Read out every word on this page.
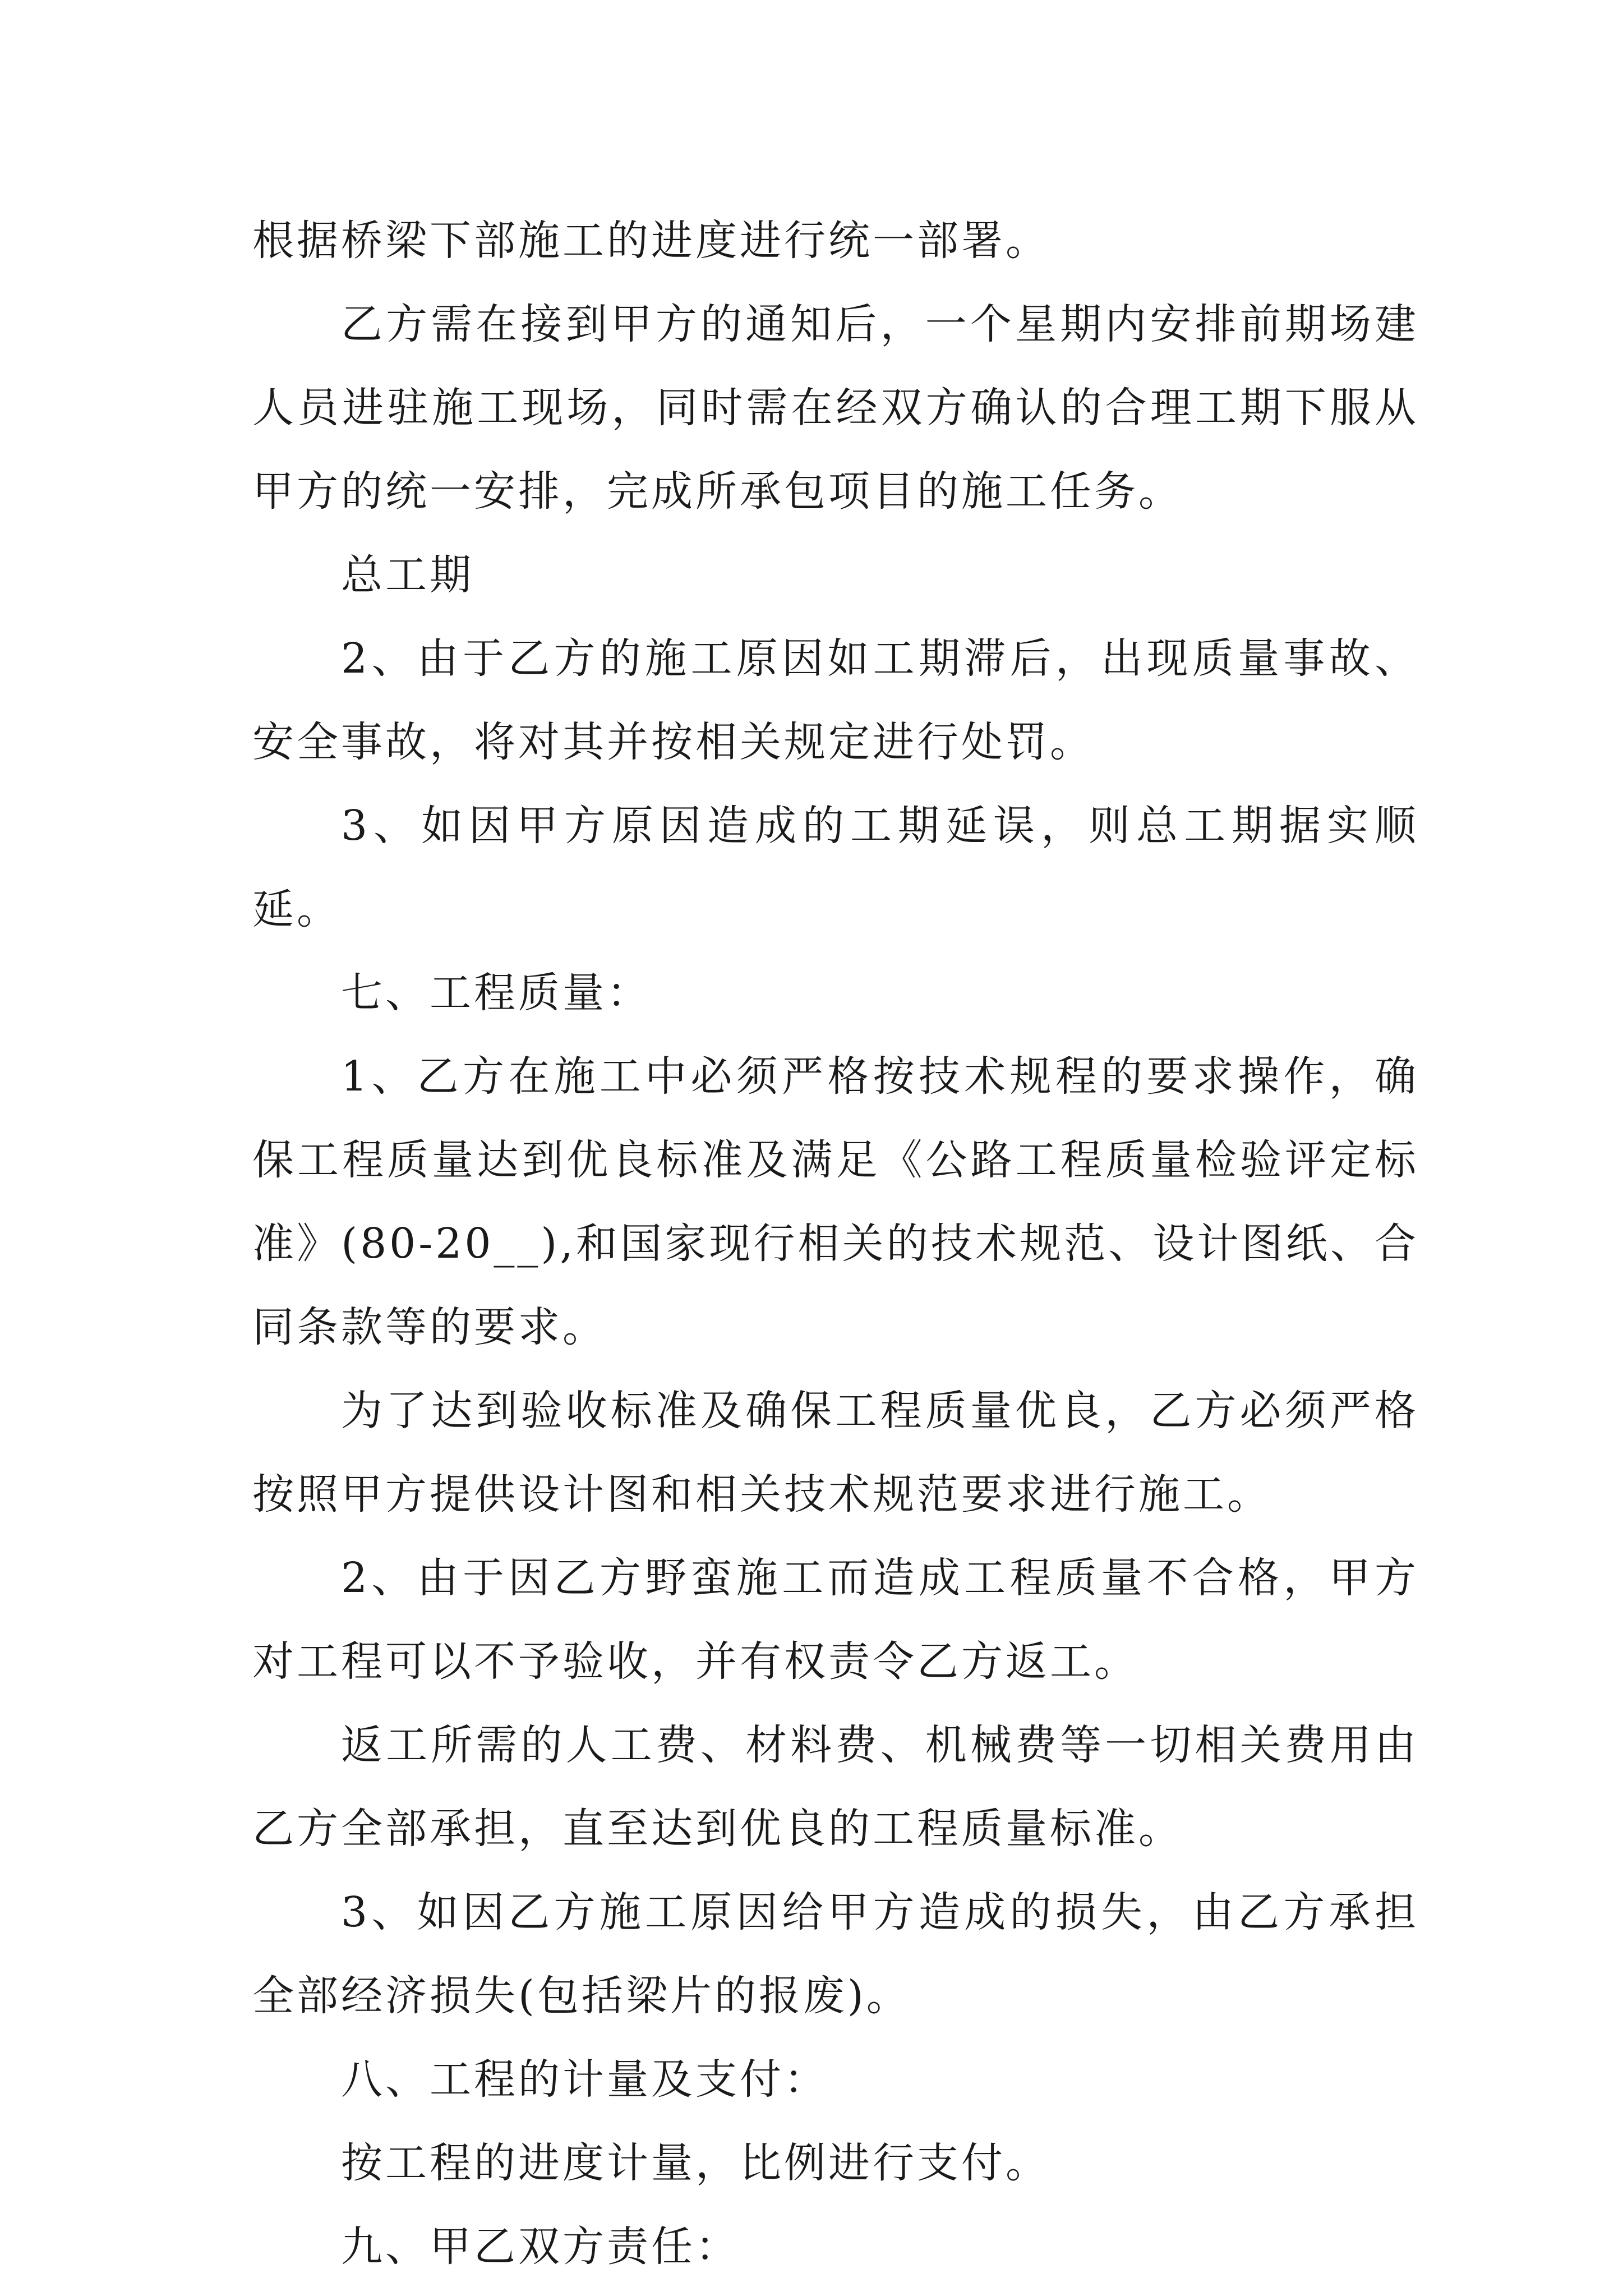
根据桥梁下部施工的进度进行统一部署。

乙方需在接到甲方的通知后，一个星期内安排前期场建人员进驻施工现场，同时需在经双方确认的合理工期下服从甲方的统一安排，完成所承包项目的施工任务。

总工期

2、由于乙方的施工原因如工期滞后，出现质量事故、安全事故，将对其并按相关规定进行处罚。

3、如因甲方原因造成的工期延误，则总工期据实顺延。

七、工程质量：

1、乙方在施工中必须严格按技术规程的要求操作，确保工程质量达到优良标准及满足《公路工程质量检验评定标准》(80-20__),和国家现行相关的技术规范、设计图纸、合同条款等的要求。

为了达到验收标准及确保工程质量优良，乙方必须严格按照甲方提供设计图和相关技术规范要求进行施工。

2、由于因乙方野蛮施工而造成工程质量不合格，甲方对工程可以不予验收，并有权责令乙方返工。

返工所需的人工费、材料费、机械费等一切相关费用由乙方全部承担，直至达到优良的工程质量标准。

3、如因乙方施工原因给甲方造成的损失，由乙方承担全部经济损失(包括梁片的报废)。

八、工程的计量及支付：

按工程的进度计量，比例进行支付。

九、甲乙双方责任：
